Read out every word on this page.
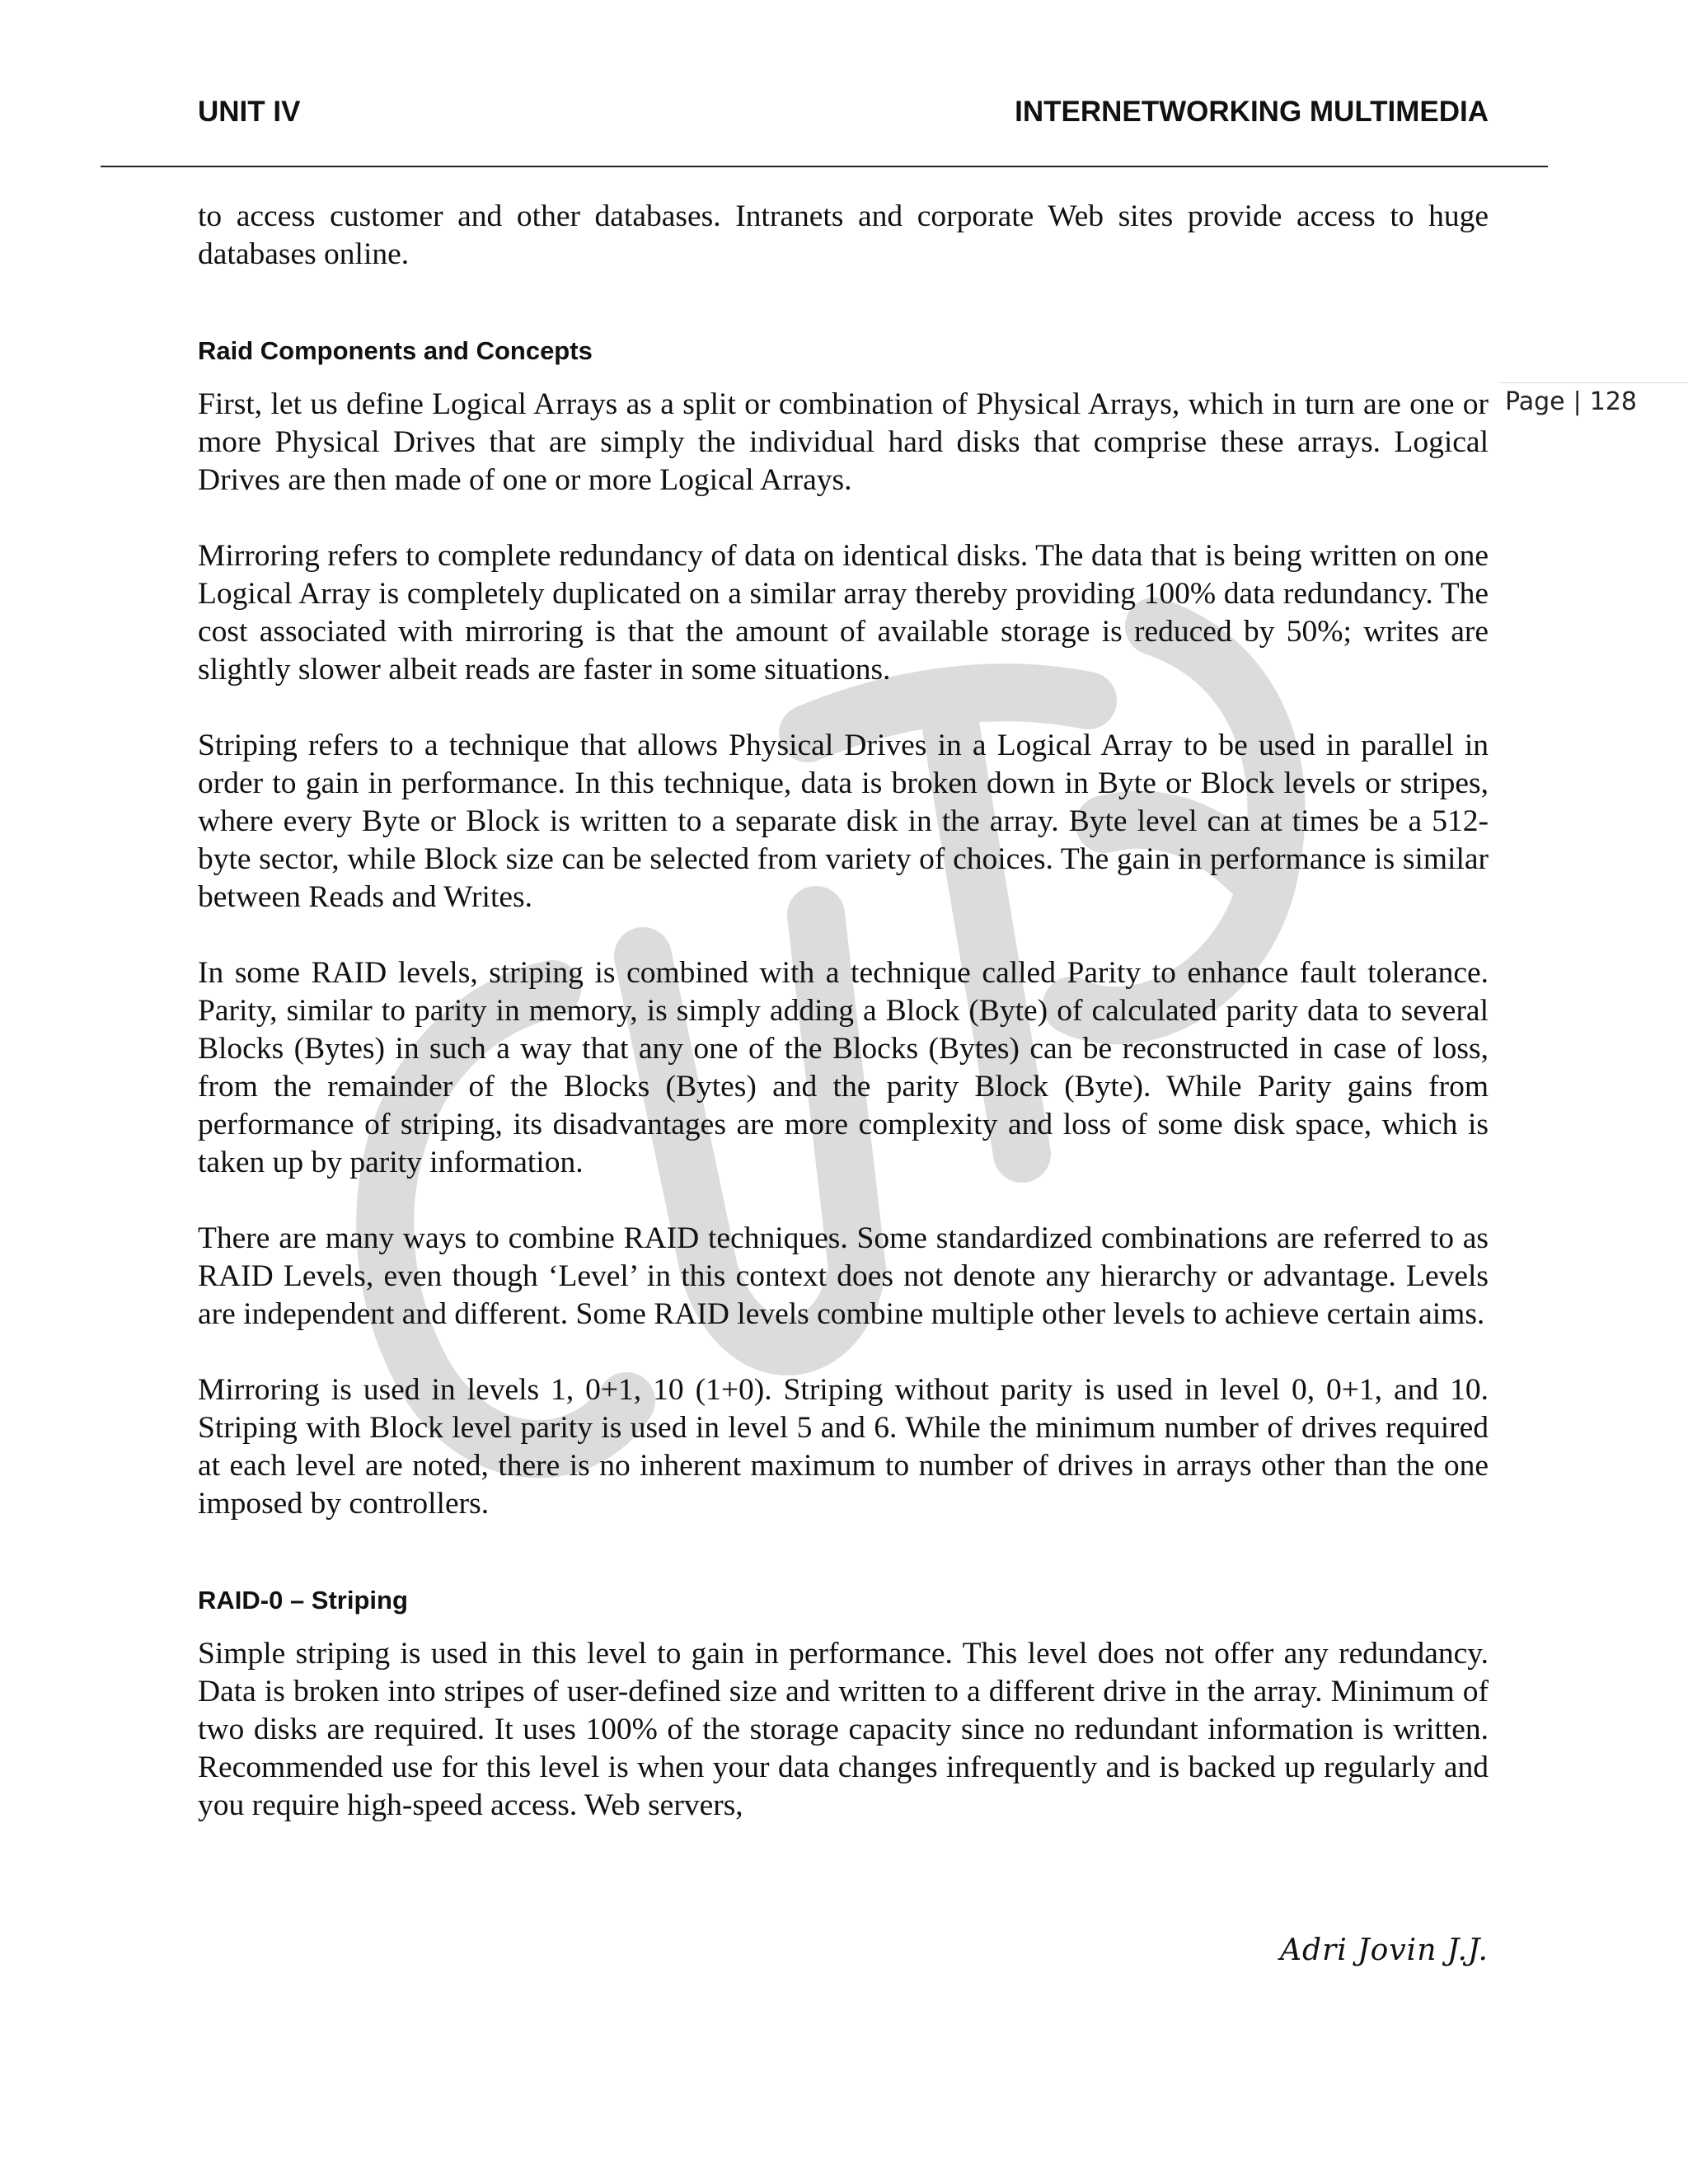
UNIT IV	INTERNETWORKING MULTIMEDIA
Page | 128

to access customer and other databases. Intranets and corporate Web sites provide access to huge databases online.

Raid Components and Concepts

First, let us define Logical Arrays as a split or combination of Physical Arrays, which in turn are one or more Physical Drives that are simply the individual hard disks that comprise these arrays. Logical Drives are then made of one or more Logical Arrays.

Mirroring refers to complete redundancy of data on identical disks. The data that is being written on one Logical Array is completely duplicated on a similar array thereby providing 100% data redundancy. The cost associated with mirroring is that the amount of available storage is reduced by 50%; writes are slightly slower albeit reads are faster in some situations.

Striping refers to a technique that allows Physical Drives in a Logical Array to be used in parallel in order to gain in performance. In this technique, data is broken down in Byte or Block levels or stripes, where every Byte or Block is written to a separate disk in the array. Byte level can at times be a 512-byte sector, while Block size can be selected from variety of choices. The gain in performance is similar between Reads and Writes.

In some RAID levels, striping is combined with a technique called Parity to enhance fault tolerance. Parity, similar to parity in memory, is simply adding a Block (Byte) of calculated parity data to several Blocks (Bytes) in such a way that any one of the Blocks (Bytes) can be reconstructed in case of loss, from the remainder of the Blocks (Bytes) and the parity Block (Byte). While Parity gains from performance of striping, its disadvantages are more complexity and loss of some disk space, which is taken up by parity information.

There are many ways to combine RAID techniques. Some standardized combinations are referred to as RAID Levels, even though ‘Level’ in this context does not denote any hierarchy or advantage. Levels are independent and different. Some RAID levels combine multiple other levels to achieve certain aims.

Mirroring is used in levels 1, 0+1, 10 (1+0). Striping without parity is used in level 0, 0+1, and 10. Striping with Block level parity is used in level 5 and 6. While the minimum number of drives required at each level are noted, there is no inherent maximum to number of drives in arrays other than the one imposed by controllers.

RAID-0 – Striping

Simple striping is used in this level to gain in performance. This level does not offer any redundancy. Data is broken into stripes of user-defined size and written to a different drive in the array. Minimum of two disks are required. It uses 100% of the storage capacity since no redundant information is written. Recommended use for this level is when your data changes infrequently and is backed up regularly and you require high-speed access. Web servers,

Adri Jovin J.J.
